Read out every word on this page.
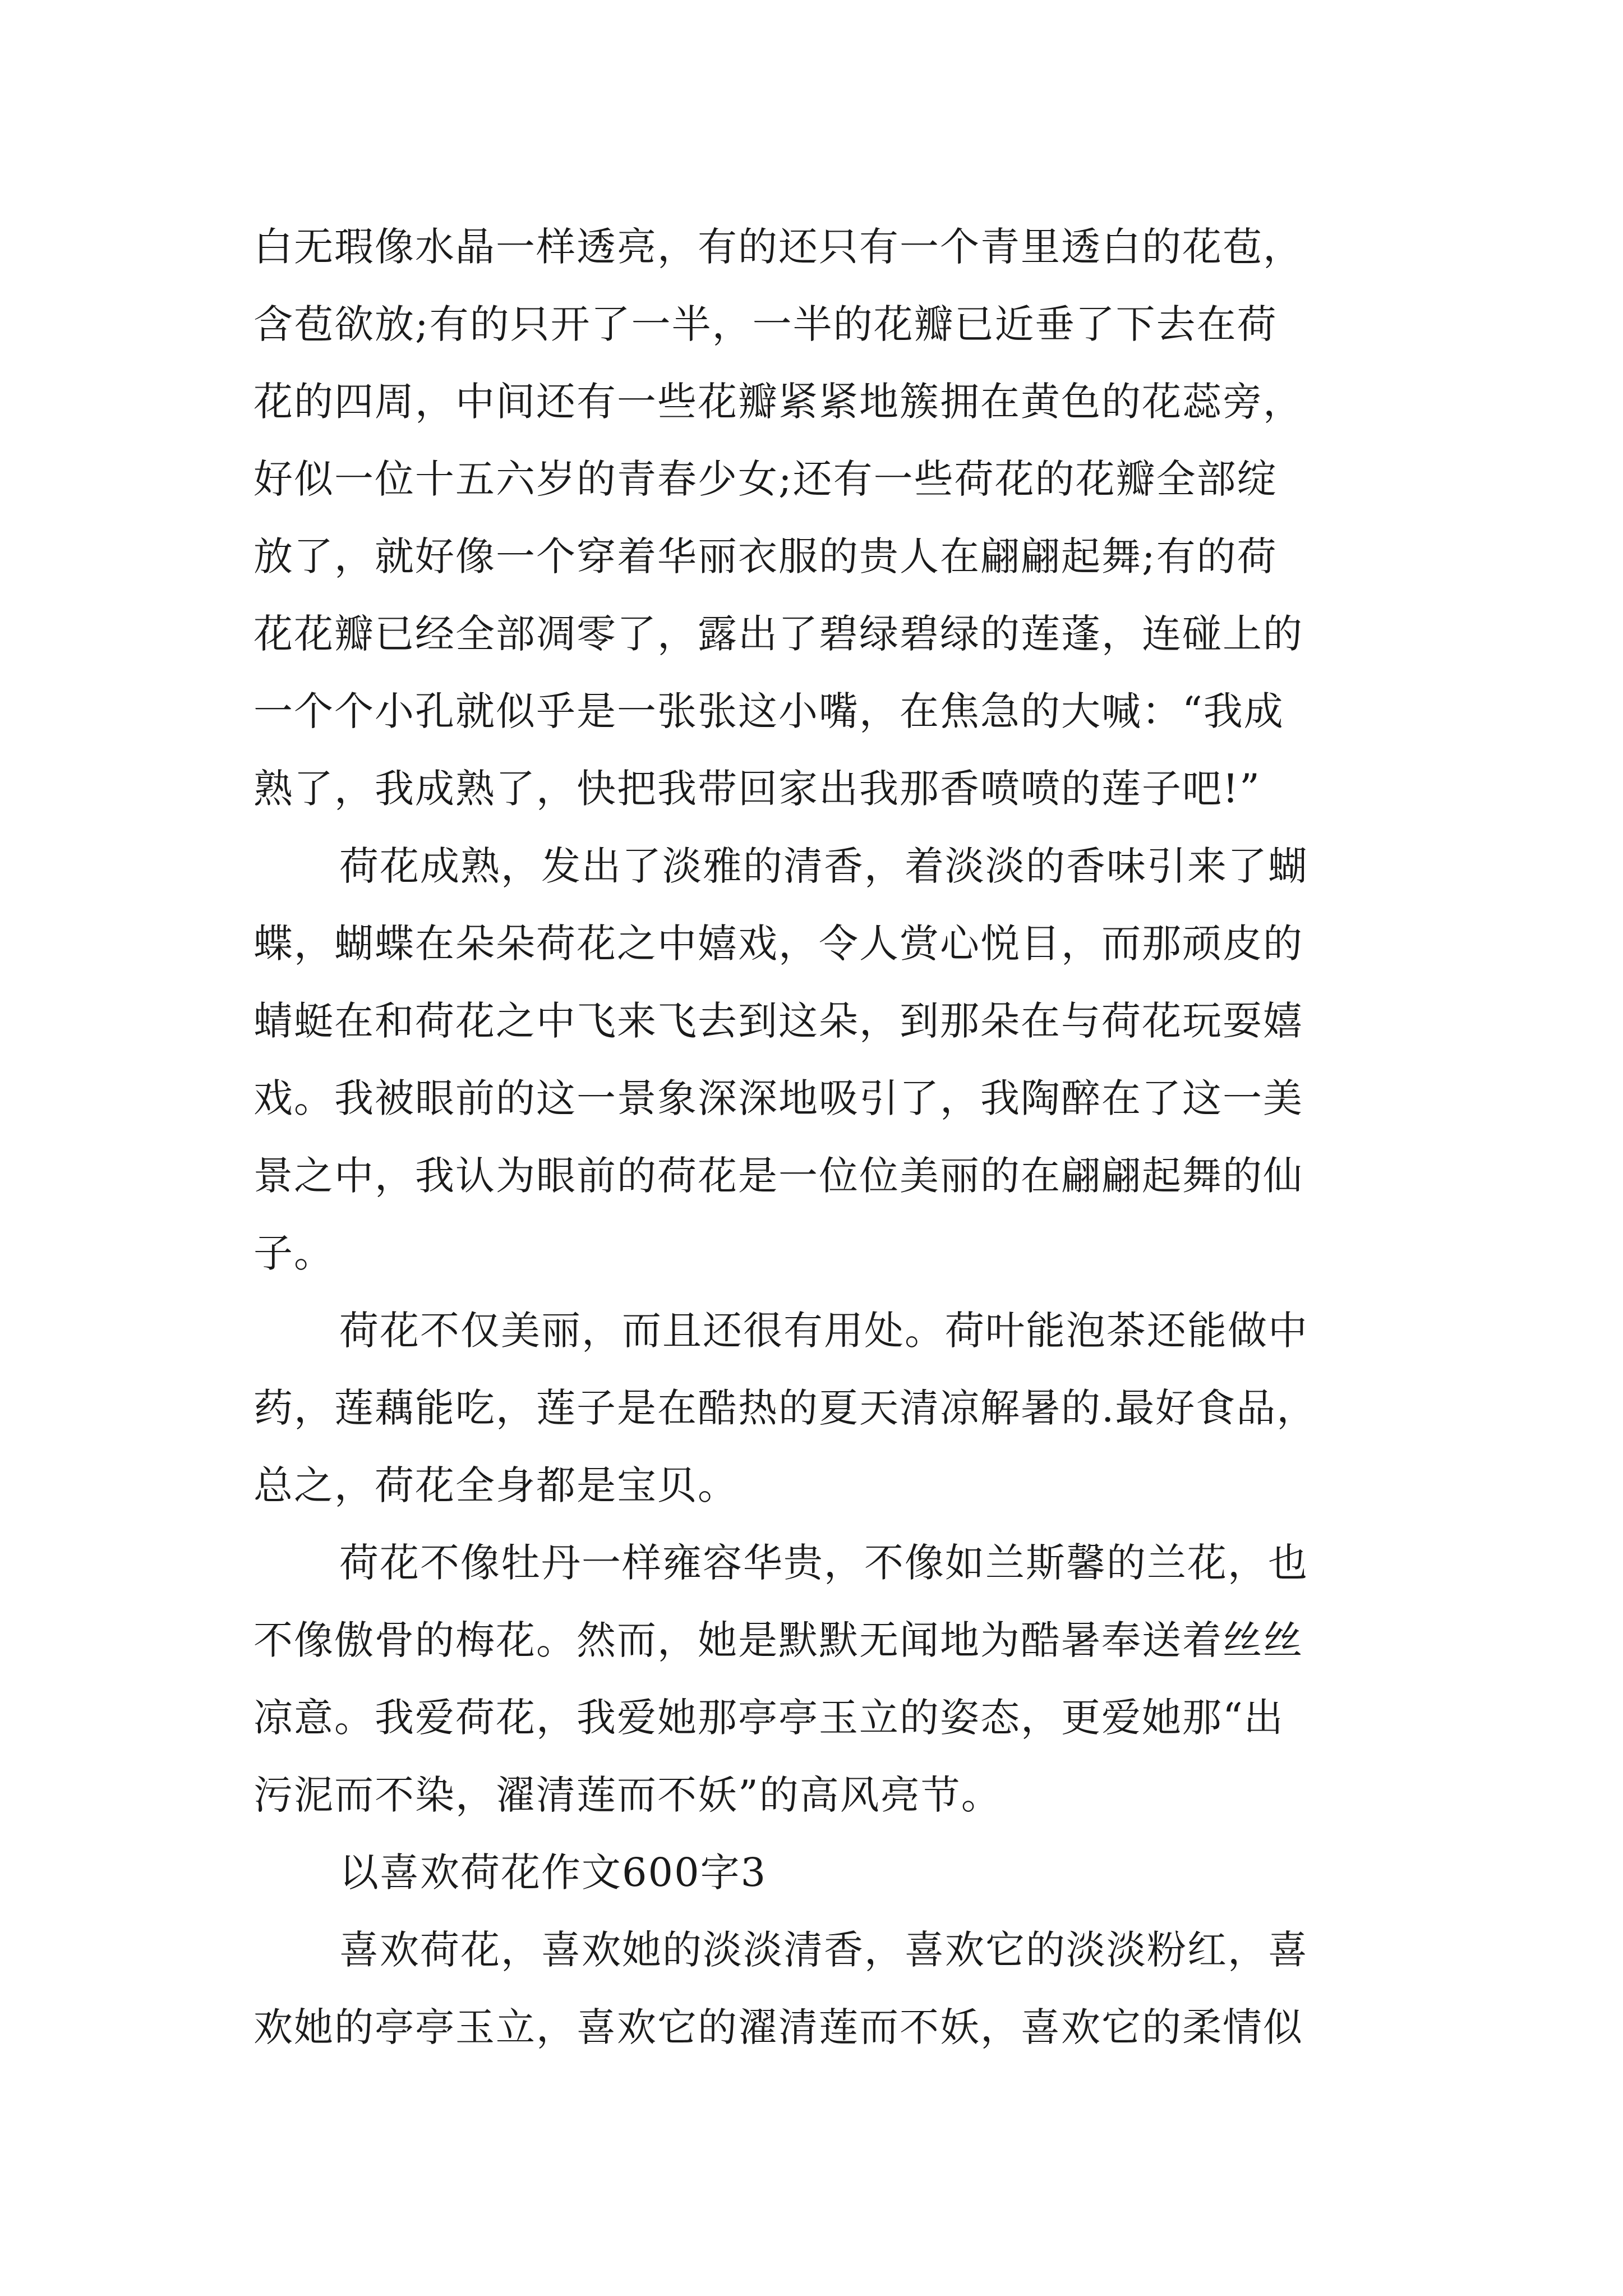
白无瑕像水晶一样透亮，有的还只有一个青里透白的花苞，
含苞欲放;有的只开了一半，一半的花瓣已近垂了下去在荷
花的四周，中间还有一些花瓣紧紧地簇拥在黄色的花蕊旁，
好似一位十五六岁的青春少女;还有一些荷花的花瓣全部绽
放了，就好像一个穿着华丽衣服的贵人在翩翩起舞;有的荷
花花瓣已经全部凋零了，露出了碧绿碧绿的莲蓬，连碰上的
一个个小孔就似乎是一张张这小嘴，在焦急的大喊：“我成
熟了，我成熟了，快把我带回家出我那香喷喷的莲子吧!”
荷花成熟，发出了淡雅的清香，着淡淡的香味引来了蝴
蝶，蝴蝶在朵朵荷花之中嬉戏，令人赏心悦目，而那顽皮的
蜻蜓在和荷花之中飞来飞去到这朵，到那朵在与荷花玩耍嬉
戏。我被眼前的这一景象深深地吸引了，我陶醉在了这一美
景之中，我认为眼前的荷花是一位位美丽的在翩翩起舞的仙
子。
荷花不仅美丽，而且还很有用处。荷叶能泡茶还能做中
药，莲藕能吃，莲子是在酷热的夏天清凉解暑的.最好食品，
总之，荷花全身都是宝贝。
荷花不像牡丹一样雍容华贵，不像如兰斯馨的兰花，也
不像傲骨的梅花。然而，她是默默无闻地为酷暑奉送着丝丝
凉意。我爱荷花，我爱她那亭亭玉立的姿态，更爱她那“出
污泥而不染，濯清莲而不妖”的高风亮节。
以喜欢荷花作文600字3
喜欢荷花，喜欢她的淡淡清香，喜欢它的淡淡粉红，喜
欢她的亭亭玉立，喜欢它的濯清莲而不妖，喜欢它的柔情似
